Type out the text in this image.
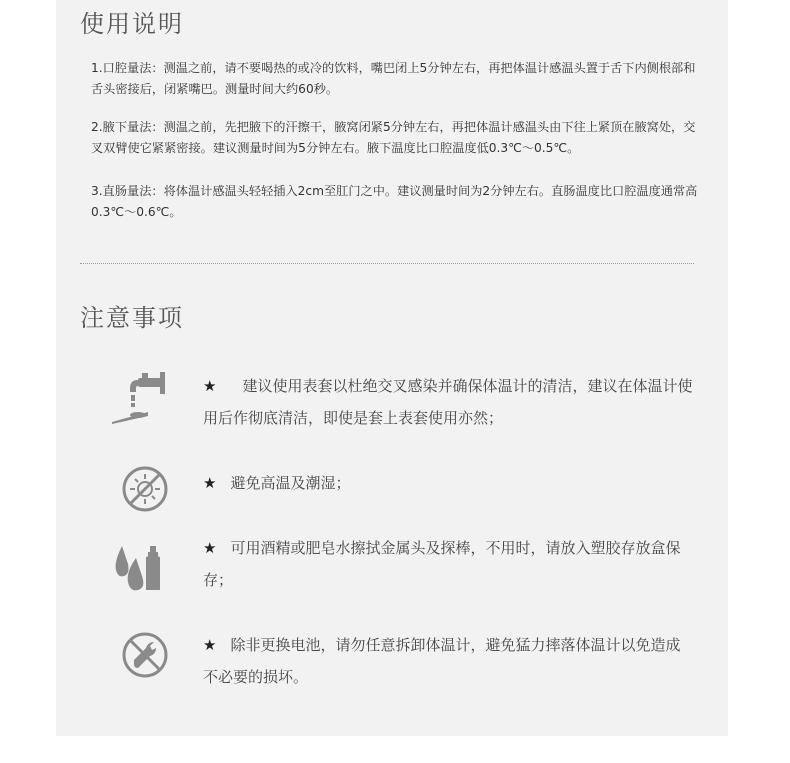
使用说明
1.口腔量法：测温之前，请不要喝热的或冷的饮料，嘴巴闭上5分钟左右，再把体温计感温头置于舌下内侧根部和舌头密接后，闭紧嘴巴。测量时间大约60秒。
2.腋下量法：测温之前，先把腋下的汗擦干，腋窝闭紧5分钟左右，再把体温计感温头由下往上紧顶在腋窝处，交叉双臂使它紧紧密接。建议测量时间为5分钟左右。腋下温度比口腔温度低0.3℃～0.5℃。
3.直肠量法：将体温计感温头轻轻插入2cm至肛门之中。建议测量时间为2分钟左右。直肠温度比口腔温度通常高0.3℃～0.6℃。
注意事项
★ 建议使用表套以杜绝交叉感染并确保体温计的清洁，建议在体温计使用后作彻底清洁，即使是套上表套使用亦然；
★ 避免高温及潮湿；
★ 可用酒精或肥皂水擦拭金属头及探棒，不用时，请放入塑胶存放盒保存；
★ 除非更换电池，请勿任意拆卸体温计，避免猛力摔落体温计以免造成不必要的损坏。
